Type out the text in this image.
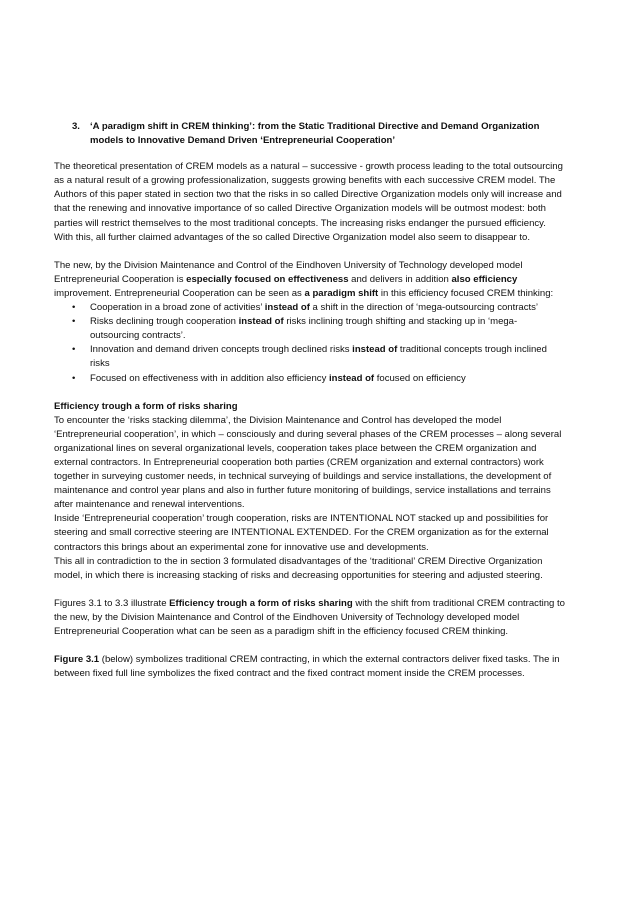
3. ‘A paradigm shift in CREM thinking’: from the Static Traditional Directive and Demand Organization models to Innovative Demand Driven ‘Entrepreneurial Cooperation’

The theoretical presentation of CREM models as a natural – successive - growth process leading to the total outsourcing as a natural result of a growing professionalization, suggests growing benefits with each successive CREM model. The Authors of this paper stated in section two that the risks in so called Directive Organization models only will increase and that the renewing and innovative importance of so called Directive Organization models will be outmost modest: both parties will restrict themselves to the most traditional concepts. The increasing risks endanger the pursued efficiency. With this, all further claimed advantages of the so called Directive Organization model also seem to disappear to.

The new, by the Division Maintenance and Control of the Eindhoven University of Technology developed model Entrepreneurial Cooperation is especially focused on effectiveness and delivers in addition also efficiency improvement. Entrepreneurial Cooperation can be seen as a paradigm shift in this efficiency focused CREM thinking:

•	Cooperation in a broad zone of activities’ instead of a shift in the direction of ‘mega-outsourcing contracts’
•	Risks declining trough cooperation instead of risks inclining trough shifting and stacking up in ‘mega-outsourcing contracts’.
•	Innovation and demand driven concepts trough declined risks instead of traditional concepts trough inclined risks
•	Focused on effectiveness with in addition also efficiency instead of focused on efficiency

Efficiency trough a form of risks sharing

To encounter the ‘risks stacking dilemma’, the Division Maintenance and Control has developed the model ‘Entrepreneurial cooperation’, in which – consciously and during several phases of the CREM processes – along several organizational lines on several organizational levels, cooperation takes place between the CREM organization and external contractors. In Entrepreneurial cooperation both parties (CREM organization and external contractors) work together in surveying customer needs, in technical surveying of buildings and service installations, the development of maintenance and control year plans and also in further future monitoring of buildings, service installations and terrains after maintenance and renewal interventions.

Inside ‘Entrepreneurial cooperation’ trough cooperation, risks are INTENTIONAL NOT stacked up and possibilities for steering and small corrective steering are INTENTIONAL EXTENDED. For the CREM organization as for the external contractors this brings about an experimental zone for innovative use and developments.

This all in contradiction to the in section 3 formulated disadvantages of the ‘traditional’ CREM Directive Organization model, in which there is increasing stacking of risks and decreasing opportunities for steering and adjusted steering.

Figures 3.1 to 3.3 illustrate Efficiency trough a form of risks sharing with the shift from traditional CREM contracting to the new, by the Division Maintenance and Control of the Eindhoven University of Technology developed model Entrepreneurial Cooperation what can be seen as a paradigm shift in the efficiency focused CREM thinking.

Figure 3.1 (below) symbolizes traditional CREM contracting, in which the external contractors deliver fixed tasks. The in between fixed full line symbolizes the fixed contract and the fixed contract moment inside the CREM processes.
